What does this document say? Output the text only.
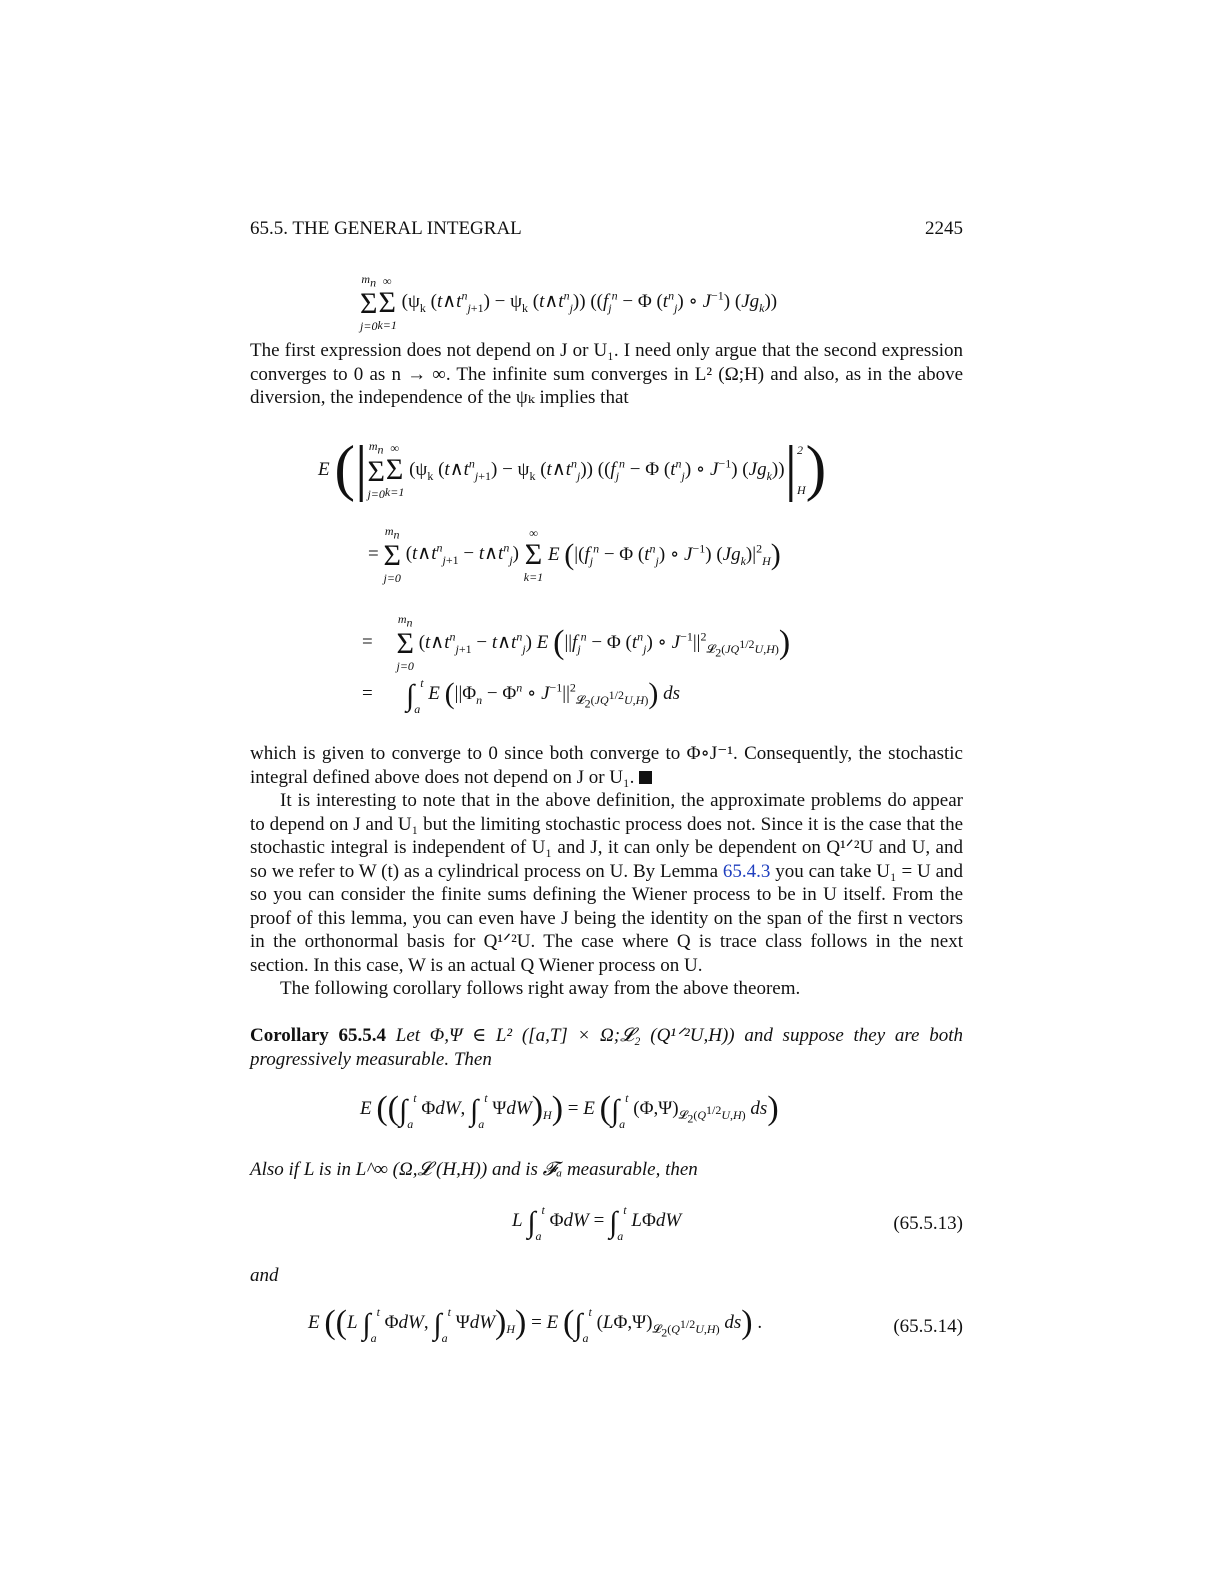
65.5. THE GENERAL INTEGRAL	2245
$m_n$
Σ
j=0
∞
Σ
k=1
($\psi_k$ $(t\wedge t^n_{j+1}) - \psi_k$ $(t\wedge t^n_j)$) (($f_j^n - \Phi$ $(t^n_j)$ ∘ $J^{-1}$) $(Jg_k)$)

The first expression does not depend on J or U₁. I need only argue that the second expression converges to 0 as n → ∞. The infinite sum converges in L² (Ω;H) and also, as in the above diversion, the independence of the ψₖ implies that

E (| $m_n$
Σ
j=0
∞
Σ
k=1
($\psi_k$ $(t\wedge t^n_{j+1}) - \psi_k$ $(t\wedge t^n_j)$) (($f_j^n - \Phi$ $(t^n_j)$ ∘ $J^{-1}$) $(Jg_k))|2$
H)
=
$m_n$
Σ
j=0
($t\wedge t^n_{j+1}$ − $t\wedge t^n_j$)
∞
Σ
k=1
E ($|(f_j^n - \Phi$ $(t^n_j)$ ∘ $J^{-1}$) $(Jg_k)|^2_H$)
=
$m_n$
Σ
j=0
($t\wedge t^n_{j+1}$ − $t\wedge t^n_j$) E ($||f_j^n - \Phi$ $(t^n_j)$ ∘ $J^{-1}||^2_{𝓛_2(JQ^{1/2}U,H)}$)
=       $\int_a^t$ E ($||\Phi_n - \Phi^n$ ∘ $J^{-1}||^2_{𝓛_2(JQ^{1/2}U,H)}$) ds

which is given to converge to 0 since both converge to Φ∘J⁻¹. Consequently, the stochastic integral defined above does not depend on J or U₁.

It is interesting to note that in the above definition, the approximate problems do appear to depend on J and U₁ but the limiting stochastic process does not. Since it is the case that the stochastic integral is independent of U₁ and J, it can only be dependent on Q¹ᐟ²U and U, and so we refer to W (t) as a cylindrical process on U. By Lemma 65.4.3 you can take U₁ = U and so you can consider the finite sums defining the Wiener process to be in U itself. From the proof of this lemma, you can even have J being the identity on the span of the first n vectors in the orthonormal basis for Q¹ᐟ²U. The case where Q is trace class follows in the next section. In this case, W is an actual Q Wiener process on U.

The following corollary follows right away from the above theorem.

Corollary 65.5.4 Let Φ,Ψ ∈ L² ([a,T] × Ω;𝓛₂ (Q¹ᐟ²U,H)) and suppose they are both progressively measurable. Then

E (($\int_a^t$ ΦdW, $\int_a^t$ $\Psi dW)_H) = E$ ($\int_a^t$ $(\Phi,\Psi)_{𝓛_2(Q^{1/2}U,H)}$ ds)

Also if L is in L^∞ (Ω,𝓛 (H,H)) and is 𝓕ₐ measurable, then

L $\int_a^t$ $\Phi dW = \int_a^t$ LΦdW	(65.5.13)

and

E ((L $\int_a^t$ ΦdW, $\int_a^t$ $\Psi dW)_H) = E$ ($\int_a^t$ $(L\Phi,\Psi)_{𝓛_2(Q^{1/2}U,H)}$ ds) .	(65.5.14)
